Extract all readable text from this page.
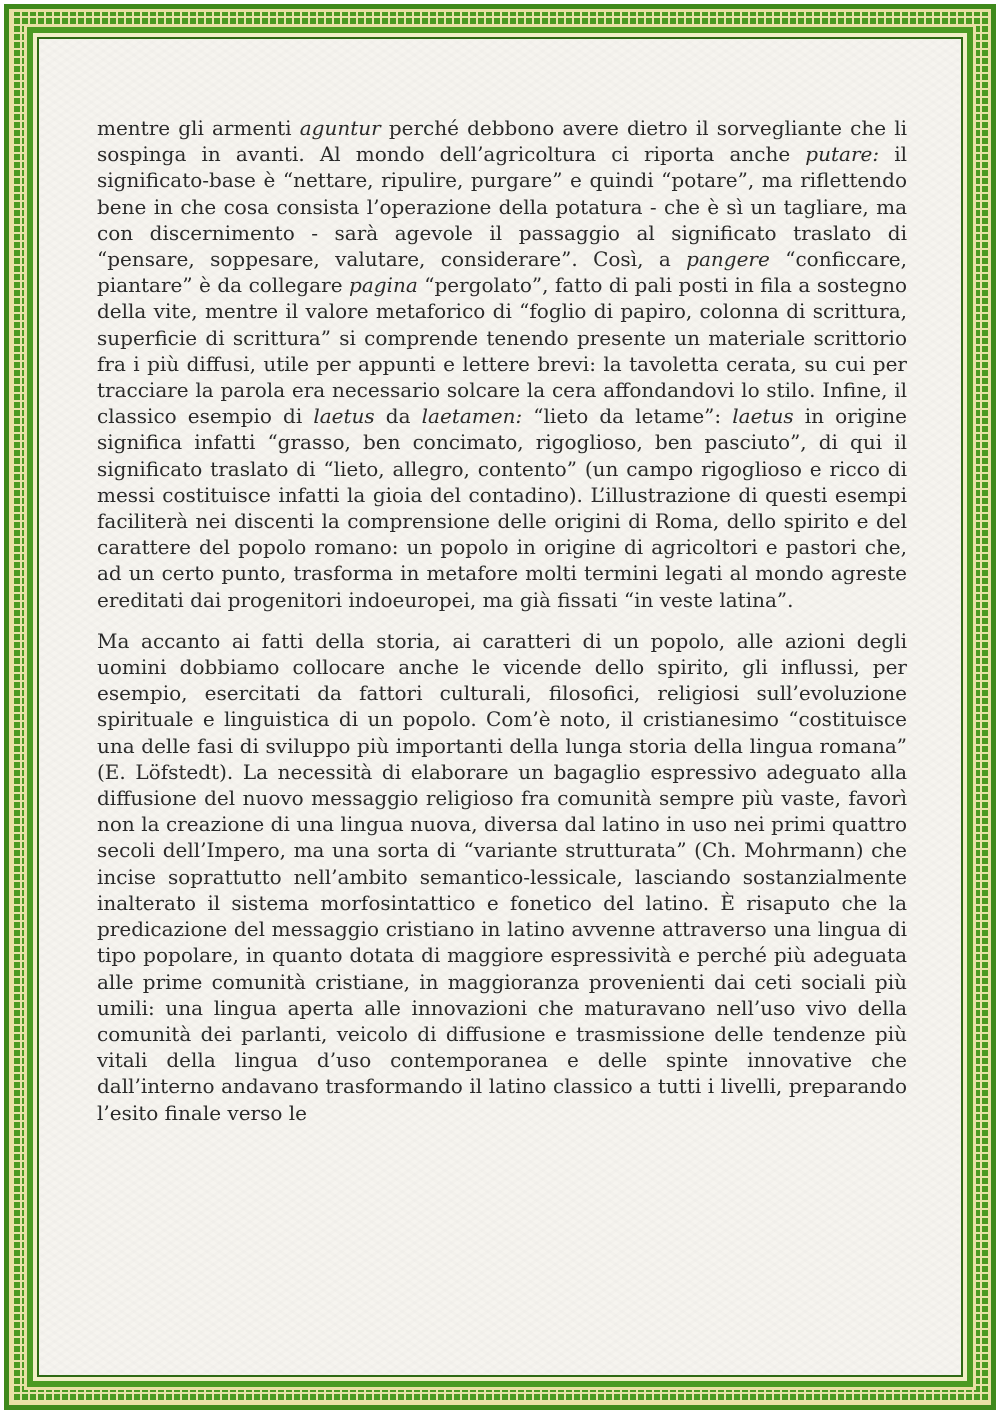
mentre gli armenti aguntur perché debbono avere dietro il sorvegliante che li sospinga in avanti. Al mondo dell’agricoltura ci riporta anche putare: il significato-base è “nettare, ripulire, purgare” e quindi “potare”, ma riflettendo bene in che cosa consista l’operazione della potatura - che è sì un tagliare, ma con discernimento - sarà agevole il passaggio al significato traslato di “pensare, soppesare, valutare, considerare”. Così, a pangere “conficcare, piantare” è da collegare pagina “pergolato”, fatto di pali posti in fila a sostegno della vite, mentre il valore metaforico di “foglio di papiro, colonna di scrittura, superficie di scrittura” si comprende tenendo presente un materiale scrittorio fra i più diffusi, utile per appunti e lettere brevi: la tavoletta cerata, su cui per tracciare la parola era necessario solcare la cera affondandovi lo stilo. Infine, il classico esempio di laetus da laetamen: “lieto da letame”: laetus in origine significa infatti “grasso, ben concimato, rigoglioso, ben pasciuto”, di qui il significato traslato di “lieto, allegro, contento” (un campo rigoglioso e ricco di messi costituisce infatti la gioia del contadino). L’illustrazione di questi esempi faciliterà nei discenti la comprensione delle origini di Roma, dello spirito e del carattere del popolo romano: un popolo in origine di agricoltori e pastori che, ad un certo punto, trasforma in metafore molti termini legati al mondo agreste ereditati dai progenitori indoeuropei, ma già fissati “in veste latina”.

Ma accanto ai fatti della storia, ai caratteri di un popolo, alle azioni degli uomini dobbiamo collocare anche le vicende dello spirito, gli influssi, per esempio, esercitati da fattori culturali, filosofici, religiosi sull’evoluzione spirituale e linguistica di un popolo. Com’è noto, il cristianesimo “costituisce una delle fasi di sviluppo più importanti della lunga storia della lingua romana” (E. Löfstedt). La necessità di elaborare un bagaglio espressivo adeguato alla diffusione del nuovo messaggio religioso fra comunità sempre più vaste, favorì non la creazione di una lingua nuova, diversa dal latino in uso nei primi quattro secoli dell’Impero, ma una sorta di “variante strutturata” (Ch. Mohrmann) che incise soprattutto nell’ambito semantico-lessicale, lasciando sostanzialmente inalterato il sistema morfosintattico e fonetico del latino. È risaputo che la predicazione del messaggio cristiano in latino avvenne attraverso una lingua di tipo popolare, in quanto dotata di maggiore espressività e perché più adeguata alle prime comunità cristiane, in maggioranza provenienti dai ceti sociali più umili: una lingua aperta alle innovazioni che maturavano nell’uso vivo della comunità dei parlanti, veicolo di diffusione e trasmissione delle tendenze più vitali della lingua d’uso contemporanea e delle spinte innovative che dall’interno andavano trasformando il latino classico a tutti i livelli, preparando l’esito finale verso le
